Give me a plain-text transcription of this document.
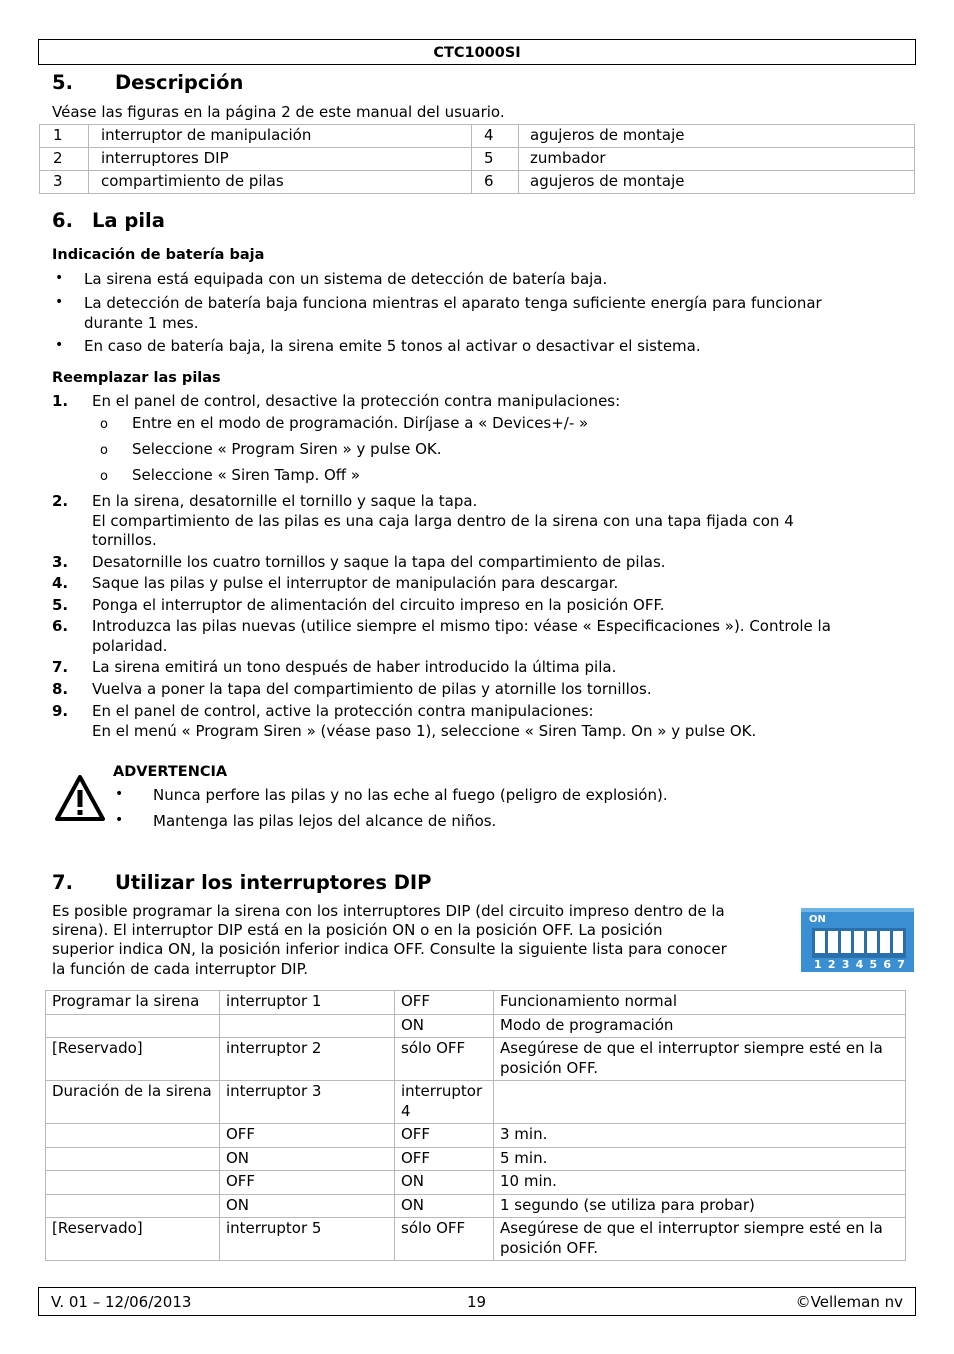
CTC1000SI
5. Descripción
Véase las figuras en la página 2 de este manual del usuario.
1	interruptor de manipulación	4	agujeros de montaje
2	interruptores DIP	5	zumbador
3	compartimiento de pilas	6	agujeros de montaje
6. La pila
Indicación de batería baja
• La sirena está equipada con un sistema de detección de batería baja.
• La detección de batería baja funciona mientras el aparato tenga suficiente energía para funcionar
durante 1 mes.
• En caso de batería baja, la sirena emite 5 tonos al activar o desactivar el sistema.
Reemplazar las pilas
1. En el panel de control, desactive la protección contra manipulaciones:
2. En la sirena, desatornille el tornillo y saque la tapa.
El compartimiento de las pilas es una caja larga dentro de la sirena con una tapa fijada con 4
tornillos.
3. Desatornille los cuatro tornillos y saque la tapa del compartimiento de pilas.
4. Saque las pilas y pulse el interruptor de manipulación para descargar.
5. Ponga el interruptor de alimentación del circuito impreso en la posición OFF.
6. Introduzca las pilas nuevas (utilice siempre el mismo tipo: véase « Especificaciones »). Controle la
polaridad.
7. La sirena emitirá un tono después de haber introducido la última pila.
8. Vuelva a poner la tapa del compartimiento de pilas y atornille los tornillos.
9. En el panel de control, active la protección contra manipulaciones:
En el menú « Program Siren » (véase paso 1), seleccione « Siren Tamp. On » y pulse OK.
o Entre en el modo de programación. Diríjase a « Devices+/- »
o Seleccione « Program Siren » y pulse OK.
o Seleccione « Siren Tamp. Off »
ADVERTENCIA
• Nunca perfore las pilas y no las eche al fuego (peligro de explosión).
• Mantenga las pilas lejos del alcance de niños.
7. Utilizar los interruptores DIP
Es posible programar la sirena con los interruptores DIP (del circuito impreso dentro de la
sirena). El interruptor DIP está en la posición ON o en la posición OFF. La posición
superior indica ON, la posición inferior indica OFF. Consulte la siguiente lista para conocer
la función de cada interruptor DIP.
ON
1 2 3 4 5 6 7
Programar la sirena	interruptor 1	OFF	Funcionamiento normal
		ON	Modo de programación
[Reservado]	interruptor 2	sólo OFF	Asegúrese de que el interruptor siempre esté en la posición OFF.
Duración de la sirena	interruptor 3	interruptor 4	
	OFF	OFF	3 min.
	ON	OFF	5 min.
	OFF	ON	10 min.
	ON	ON	1 segundo (se utiliza para probar)
[Reservado]	interruptor 5	sólo OFF	Asegúrese de que el interruptor siempre esté en la posición OFF.
V. 01 – 12/06/2013	19	©Velleman nv
